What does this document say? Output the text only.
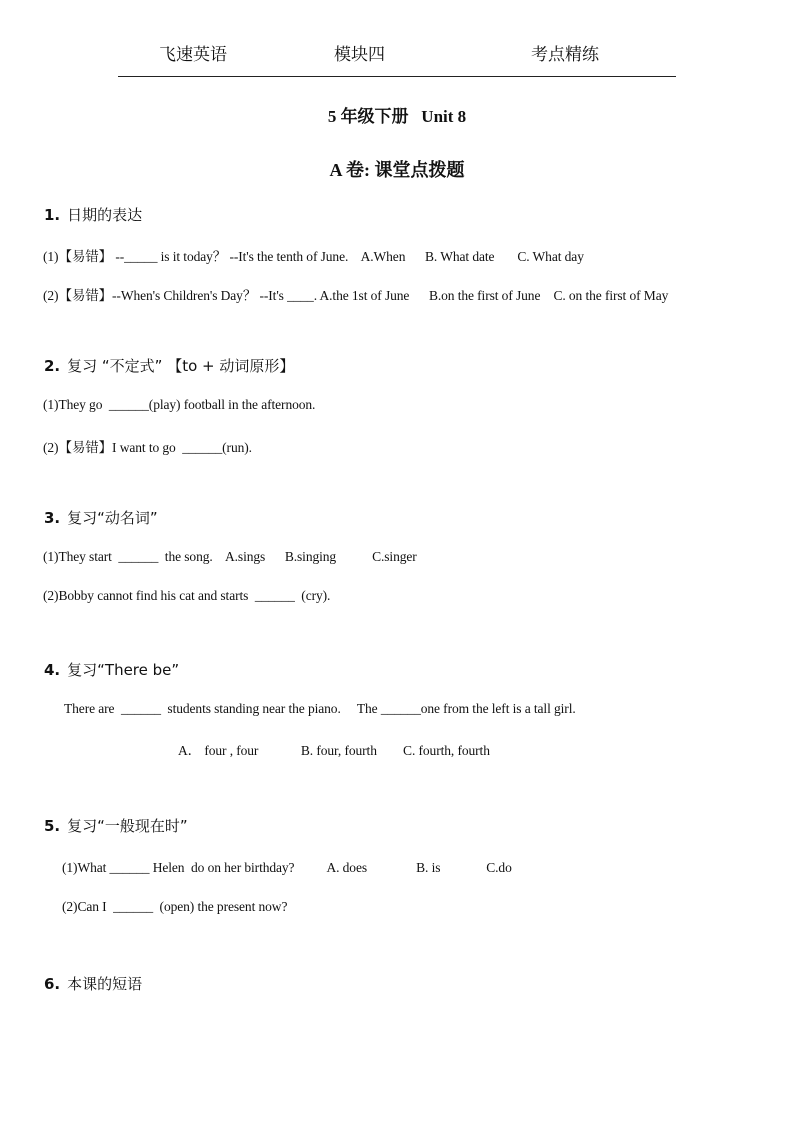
飞速英语	模块四	考点精练
5 年级下册   Unit 8
A 卷: 课堂点拨题
1. 日期的表达
(1)【易错】 --_____ is it today？ --It's the tenth of June.    A.When      B. What date       C. What day
(2)【易错】--When's Children's Day？ --It's ____. A.the 1st of June      B.on the first of June    C. on the first of May
2. 复习 “不定式” 【to + 动词原形】
(1)They go  ______(play) football in the afternoon.
(2)【易错】I want to go  ______(run).
3. 复习“动名词”
(1)They start  ______  the song.    A.sings      B.singing           C.singer
(2)Bobby cannot find his cat and starts  ______  (cry).
4. 复习“There be”
There are  ______  students standing near the piano.     The ______one from the left is a tall girl.
A． four , four             B. four, fourth        C. fourth, fourth
5. 复习“一般现在时”
(1)What ______ Helen  do on her birthday?          A. does               B. is              C.do
(2)Can I  ______  (open) the present now?
6. 本课的短语
